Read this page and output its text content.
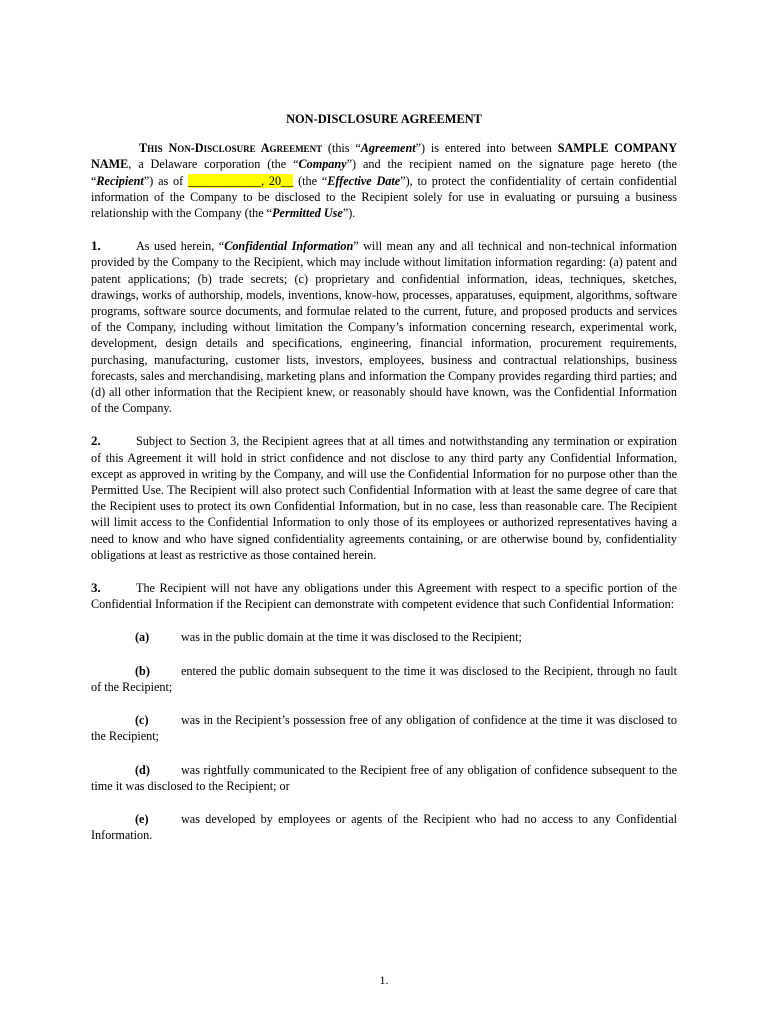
NON-DISCLOSURE AGREEMENT

This Non-Disclosure Agreement (this “Agreement”) is entered into between SAMPLE COMPANY NAME, a Delaware corporation (the “Company”) and the recipient named on the signature page hereto (the “Recipient”) as of ____________, 20__ (the “Effective Date”), to protect the confidentiality of certain confidential information of the Company to be disclosed to the Recipient solely for use in evaluating or pursuing a business relationship with the Company (the “Permitted Use”).

1.	As used herein, “Confidential Information” will mean any and all technical and non-technical information provided by the Company to the Recipient, which may include without limitation information regarding: (a) patent and patent applications; (b) trade secrets; (c) proprietary and confidential information, ideas, techniques, sketches, drawings, works of authorship, models, inventions, know-how, processes, apparatuses, equipment, algorithms, software programs, software source documents, and formulae related to the current, future, and proposed products and services of the Company, including without limitation the Company’s information concerning research, experimental work, development, design details and specifications, engineering, financial information, procurement requirements, purchasing, manufacturing, customer lists, investors, employees, business and contractual relationships, business forecasts, sales and merchandising, marketing plans and information the Company provides regarding third parties; and (d) all other information that the Recipient knew, or reasonably should have known, was the Confidential Information of the Company.

2.	Subject to Section 3, the Recipient agrees that at all times and notwithstanding any termination or expiration of this Agreement it will hold in strict confidence and not disclose to any third party any Confidential Information, except as approved in writing by the Company, and will use the Confidential Information for no purpose other than the Permitted Use. The Recipient will also protect such Confidential Information with at least the same degree of care that the Recipient uses to protect its own Confidential Information, but in no case, less than reasonable care. The Recipient will limit access to the Confidential Information to only those of its employees or authorized representatives having a need to know and who have signed confidentiality agreements containing, or are otherwise bound by, confidentiality obligations at least as restrictive as those contained herein.

3.	The Recipient will not have any obligations under this Agreement with respect to a specific portion of the Confidential Information if the Recipient can demonstrate with competent evidence that such Confidential Information:

(a)	was in the public domain at the time it was disclosed to the Recipient;

(b)	entered the public domain subsequent to the time it was disclosed to the Recipient, through no fault of the Recipient;

(c)	was in the Recipient’s possession free of any obligation of confidence at the time it was disclosed to the Recipient;

(d)	was rightfully communicated to the Recipient free of any obligation of confidence subsequent to the time it was disclosed to the Recipient; or

(e)	was developed by employees or agents of the Recipient who had no access to any Confidential Information.

1.
